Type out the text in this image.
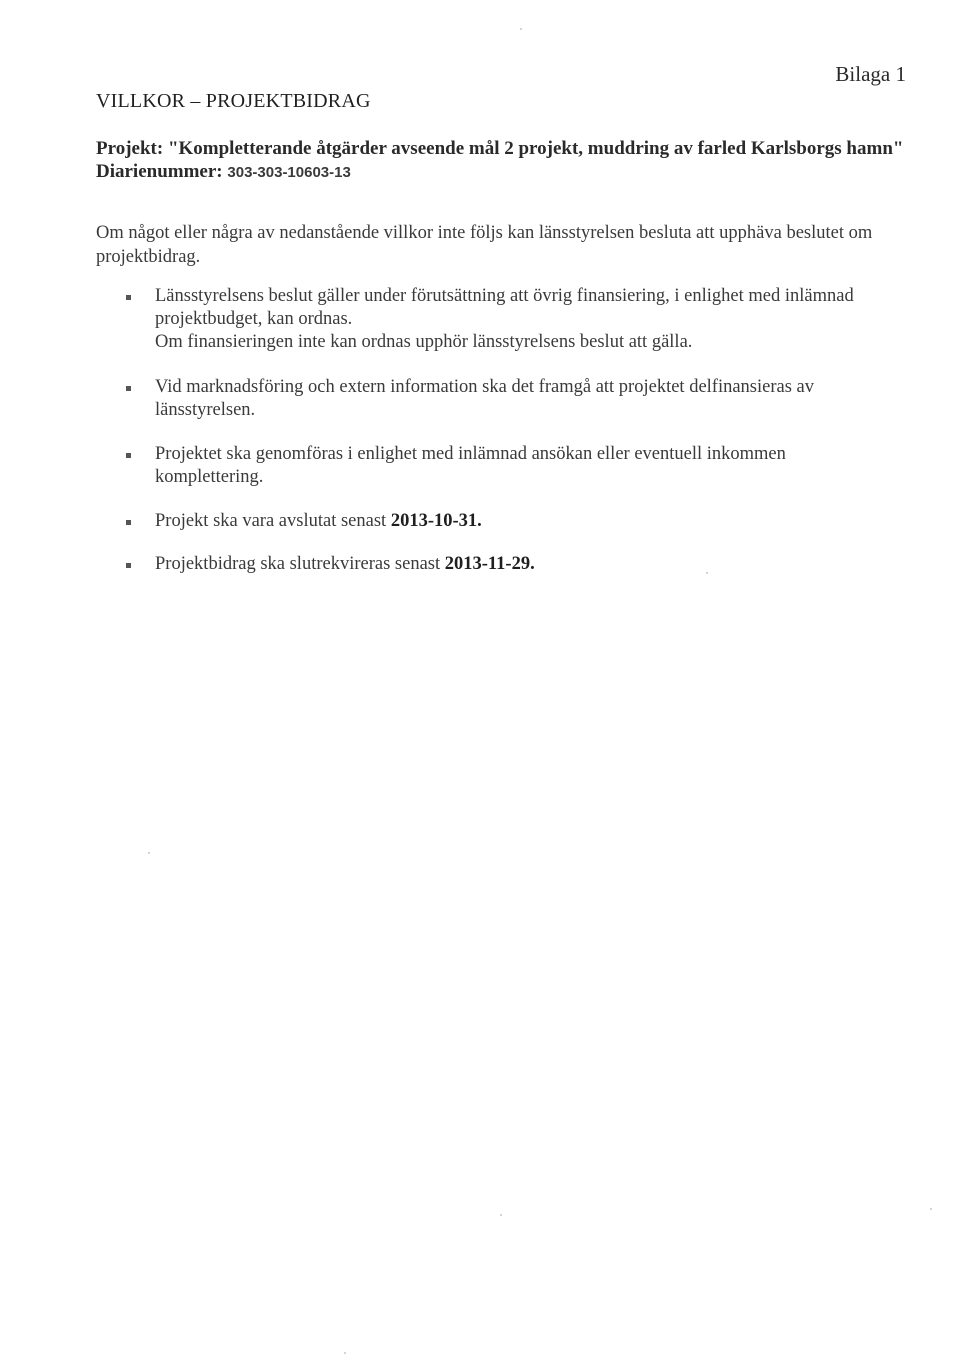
Bilaga 1
VILLKOR – PROJEKTBIDRAG
Projekt: "Kompletterande åtgärder avseende mål 2 projekt, muddring av farled Karlsborgs hamn"
Diarienummer: 303-303-10603-13

Om något eller några av nedanstående villkor inte följs kan länsstyrelsen besluta att upphäva beslutet om projektbidrag.

Länsstyrelsens beslut gäller under förutsättning att övrig finansiering, i enlighet med inlämnad projektbudget, kan ordnas.
Om finansieringen inte kan ordnas upphör länsstyrelsens beslut att gälla.
Vid marknadsföring och extern information ska det framgå att projektet delfinansieras av länsstyrelsen.
Projektet ska genomföras i enlighet med inlämnad ansökan eller eventuell inkommen komplettering.
Projekt ska vara avslutat senast 2013-10-31.
Projektbidrag ska slutrekvireras senast 2013-11-29.
